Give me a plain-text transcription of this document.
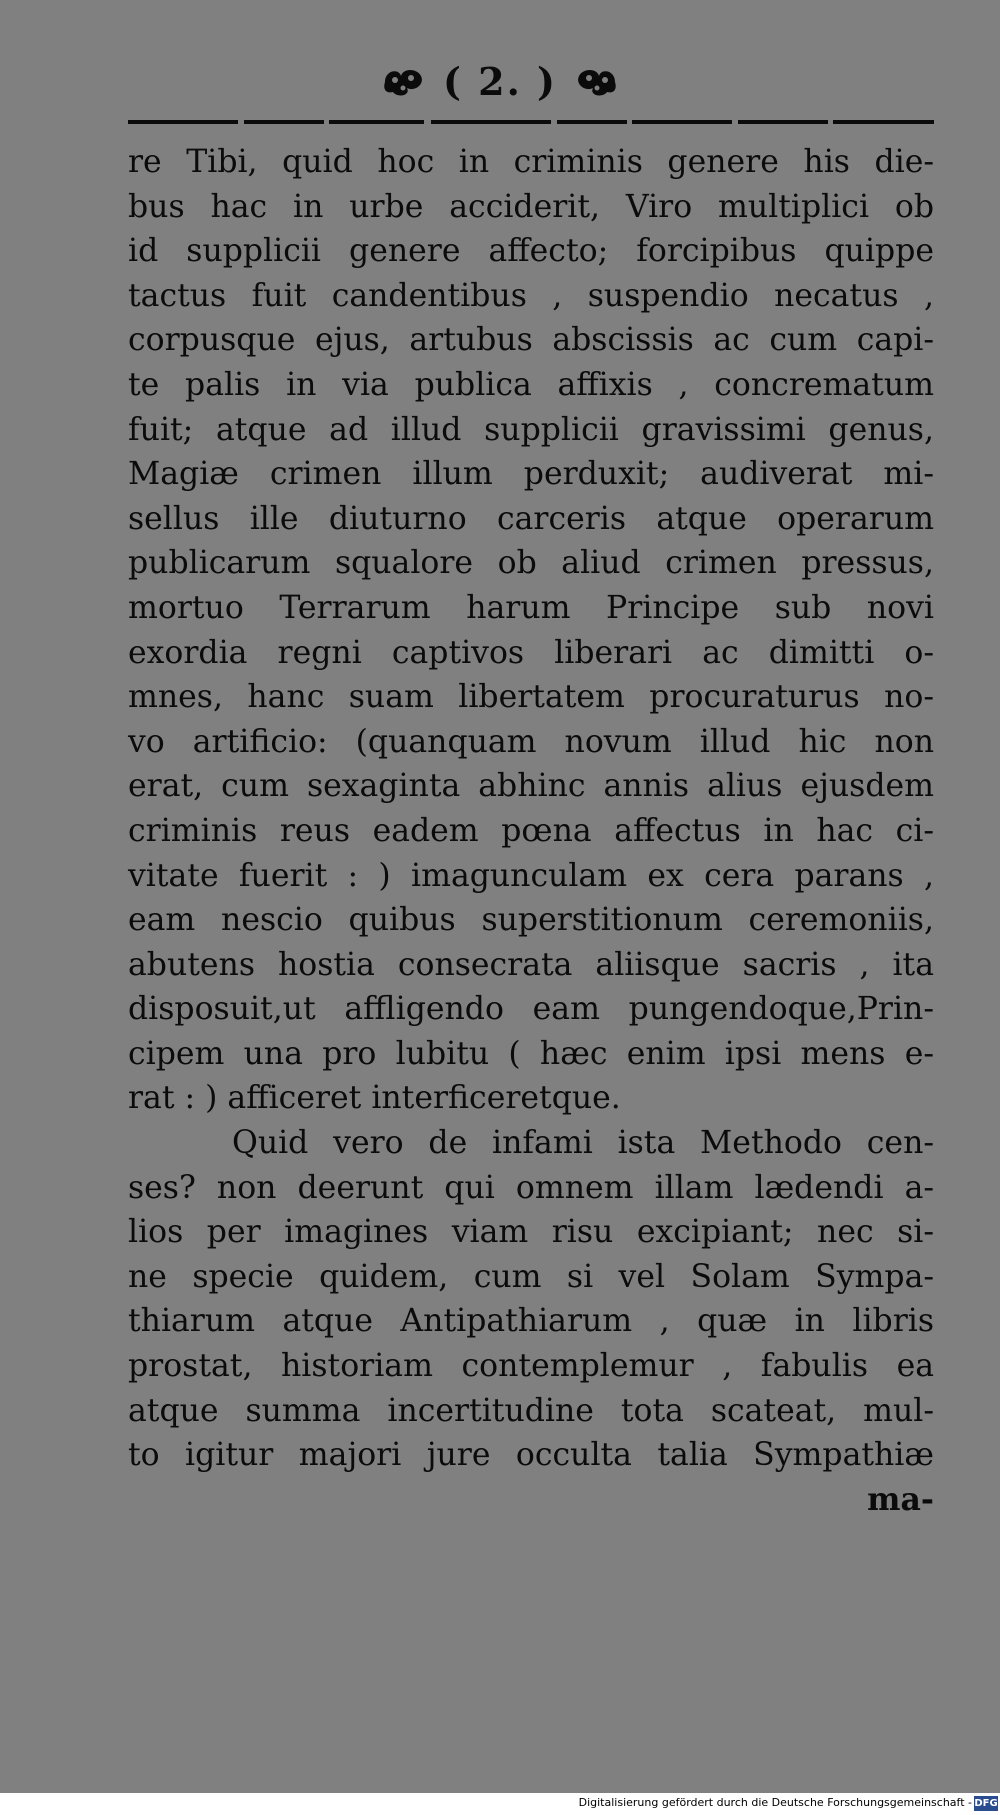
( 2. )
re Tibi, quid hoc in criminis genere his die-
bus hac in urbe acciderit, Viro multiplici ob
id supplicii genere affecto; forcipibus quippe
tactus fuit candentibus , suspendio necatus ,
corpusque ejus, artubus abscissis ac cum capi-
te palis in via publica affixis , concrematum
fuit; atque ad illud supplicii gravissimi genus,
Magiæ crimen illum perduxit; audiverat mi-
sellus ille diuturno carceris atque operarum
publicarum squalore ob aliud crimen pressus,
mortuo Terrarum harum Principe sub novi
exordia regni captivos liberari ac dimitti o-
mnes, hanc suam libertatem procuraturus no-
vo artificio: (quanquam novum illud hic non
erat, cum sexaginta abhinc annis alius ejusdem
criminis reus eadem pœna affectus in hac ci-
vitate fuerit : ) imagunculam ex cera parans ,
eam nescio quibus superstitionum ceremoniis,
abutens hostia consecrata aliisque sacris , ita
disposuit,ut affligendo eam pungendoque,Prin-
cipem una pro lubitu ( hæc enim ipsi mens e-
rat : ) afficeret interficeretque.
Quid vero de infami ista Methodo cen-
ses? non deerunt qui omnem illam lædendi a-
lios per imagines viam risu excipiant; nec si-
ne specie quidem, cum si vel Solam Sympa-
thiarum atque Antipathiarum , quæ in libris
prostat, historiam contemplemur , fabulis ea
atque summa incertitudine tota scateat, mul-
to igitur majori jure occulta talia Sympathiæ
ma-
Digitalisierung gefördert durch die Deutsche Forschungsgemeinschaft - DFG
